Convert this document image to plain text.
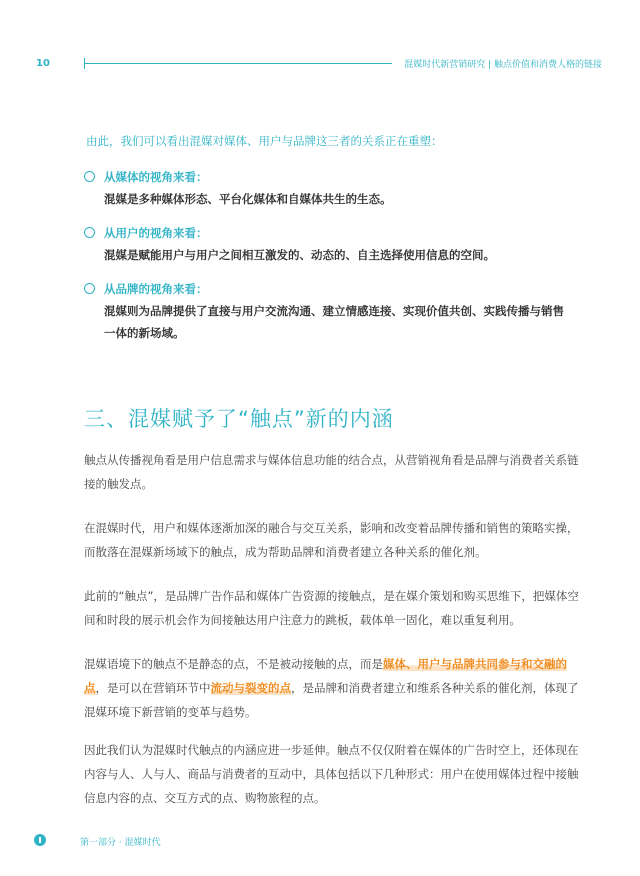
10	混媒时代新营销研究 | 触点价值和消费人格的链接
由此，我们可以看出混媒对媒体、用户与品牌这三者的关系正在重塑：
从媒体的视角来看：
混媒是多种媒体形态、平台化媒体和自媒体共生的生态。
从用户的视角来看：
混媒是赋能用户与用户之间相互激发的、动态的、自主选择使用信息的空间。
从品牌的视角来看：
混媒则为品牌提供了直接与用户交流沟通、建立情感连接、实现价值共创、实践传播与销售一体的新场域。
三、混媒赋予了“触点”新的内涵
触点从传播视角看是用户信息需求与媒体信息功能的结合点，从营销视角看是品牌与消费者关系链接的触发点。
在混媒时代，用户和媒体逐渐加深的融合与交互关系，影响和改变着品牌传播和销售的策略实操，而散落在混媒新场域下的触点，成为帮助品牌和消费者建立各种关系的催化剂。
此前的“触点”，是品牌广告作品和媒体广告资源的接触点，是在媒介策划和购买思维下，把媒体空间和时段的展示机会作为间接触达用户注意力的跳板，载体单一固化，难以重复利用。
混媒语境下的触点不是静态的点，不是被动接触的点，而是媒体、用户与品牌共同参与和交融的点，是可以在营销环节中流动与裂变的点，是品牌和消费者建立和维系各种关系的催化剂，体现了混媒环境下新营销的变革与趋势。
因此我们认为混媒时代触点的内涵应进一步延伸。触点不仅仅附着在媒体的广告时空上，还体现在内容与人、人与人、商品与消费者的互动中，具体包括以下几种形式：用户在使用媒体过程中接触信息内容的点、交互方式的点、购物旅程的点。
第一部分 · 混媒时代
